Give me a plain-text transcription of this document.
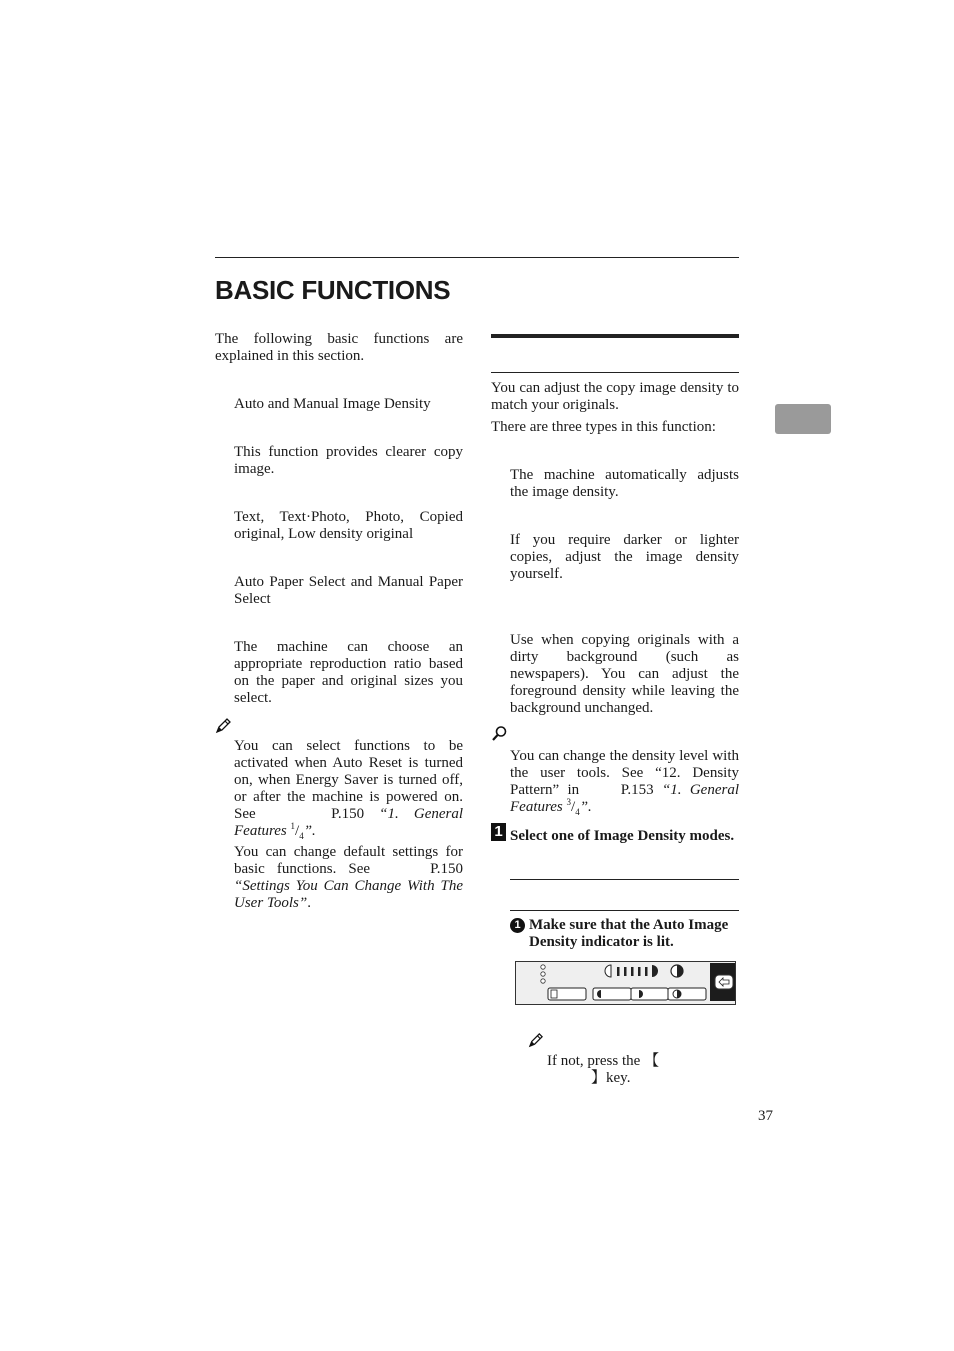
BASIC FUNCTIONS
The following basic functions are explained in this section.
Auto and Manual Image Density
This function provides clearer copy image.
Text, Text·Photo, Photo, Copied original, Low density original
Auto Paper Select and Manual Paper Select
The machine can choose an appropriate reproduction ratio based on the paper and original sizes you select.
You can select functions to be activated when Auto Reset is turned on, when Energy Saver is turned off, or after the machine is powered on. See	P.150 “1. General Features $^1/_4$”.
You can change default settings for basic functions. See	P.150 “Settings You Can Change With The User Tools”.
You can adjust the copy image density to match your originals.
There are three types in this function:
The machine automatically adjusts the image density.
If you require darker or lighter copies, adjust the image density yourself.
Use when copying originals with a dirty background (such as newspapers). You can adjust the foreground density while leaving the background unchanged.
You can change the density level with the user tools. See “12. Density Pattern” in	P.153 “1. General Features $^3/_4$”.
1 Select one of Image Density modes.
1 Make sure that the Auto Image Density indicator is lit.
If not, press the 【
】key.
37
